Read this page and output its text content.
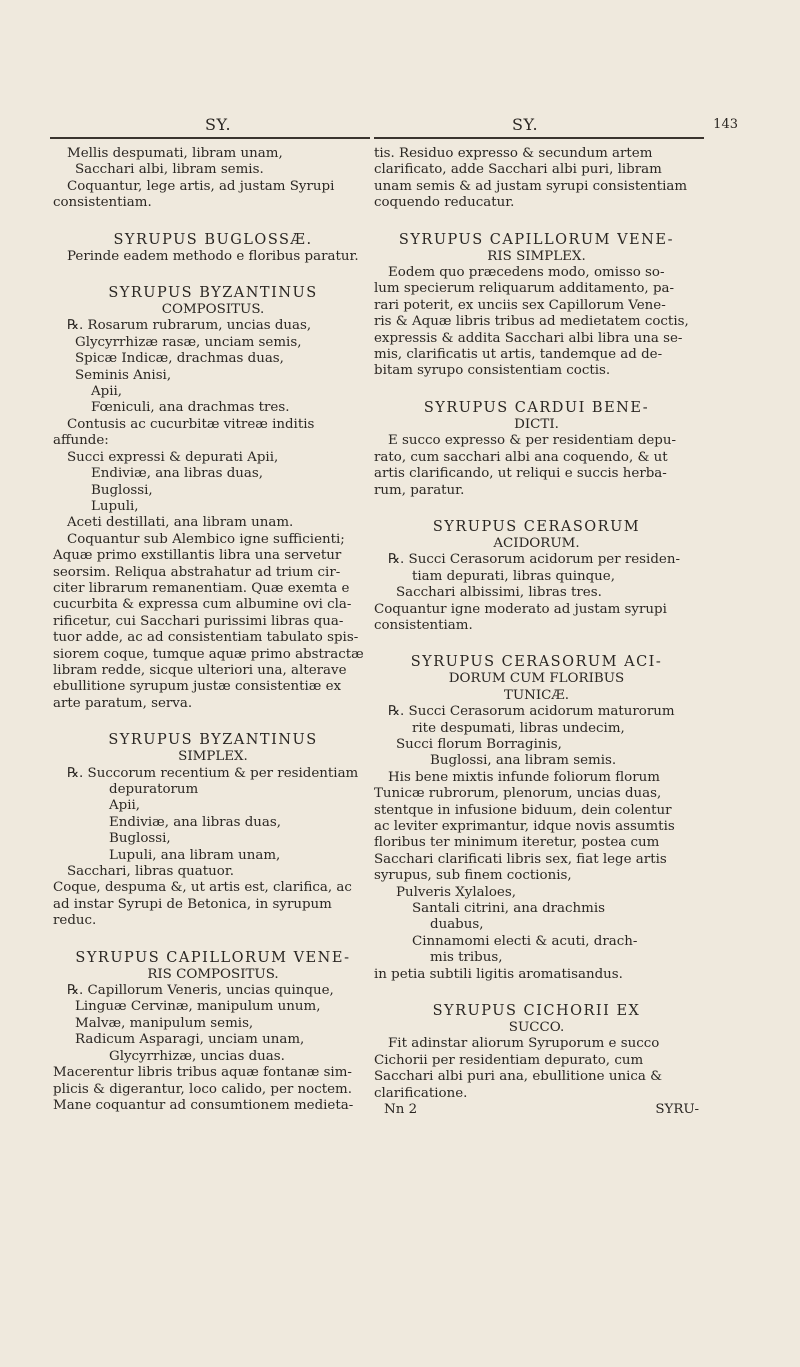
SY.	SY.	143

Mellis despumati, libram unam,

Sacchari albi, libram semis.

Coquantur, lege artis, ad justam Syrupi

consistentiam.

SYRUPUS BUGLOSSÆ.

Perinde eadem methodo e floribus paratur.

SYRUPUS BYZANTINUS

COMPOSITUS.

℞. Rosarum rubrarum, uncias duas,

Glycyrrhizæ rasæ, unciam semis,

Spicæ Indicæ, drachmas duas,

Seminis Anisi,

Apii,

Fœniculi, ana drachmas tres.

Contusis ac cucurbitæ vitreæ inditis

affunde:

Succi expressi & depurati Apii,

Endiviæ, ana libras duas,

Buglossi,

Lupuli,

Aceti destillati, ana libram unam.

Coquantur sub Alembico igne sufficienti;

Aquæ primo exstillantis libra una servetur

seorsim. Reliqua abstrahatur ad trium cir-

citer librarum remanentiam. Quæ exemta e

cucurbita & expressa cum albumine ovi cla-

rificetur, cui Sacchari purissimi libras qua-

tuor adde, ac ad consistentiam tabulato spis-

siorem coque, tumque aquæ primo abstractæ

libram redde, sicque ulteriori una, alterave

ebullitione syrupum justæ consistentiæ ex

arte paratum, serva.

SYRUPUS BYZANTINUS

SIMPLEX.

℞. Succorum recentium & per residentiam

depuratorum

Apii,

Endiviæ, ana libras duas,

Buglossi,

Lupuli, ana libram unam,

Sacchari, libras quatuor.

Coque, despuma &, ut artis est, clarifica, ac

ad instar Syrupi de Betonica, in syrupum

reduc.

SYRUPUS CAPILLORUM VENE-

RIS COMPOSITUS.

℞. Capillorum Veneris, uncias quinque,

Linguæ Cervinæ, manipulum unum,

Malvæ, manipulum semis,

Radicum Asparagi, unciam unam,

Glycyrrhizæ, uncias duas.

Macerentur libris tribus aquæ fontanæ sim-

plicis & digerantur, loco calido, per noctem.

Mane coquantur ad consumtionem medieta-

tis. Residuo expresso & secundum artem

clarificato, adde Sacchari albi puri, libram

unam semis & ad justam syrupi consistentiam

coquendo reducatur.

SYRUPUS CAPILLORUM VENE-

RIS SIMPLEX.

Eodem quo præcedens modo, omisso so-

lum specierum reliquarum additamento, pa-

rari poterit, ex unciis sex Capillorum Vene-

ris & Aquæ libris tribus ad medietatem coctis,

expressis & addita Sacchari albi libra una se-

mis, clarificatis ut artis, tandemque ad de-

bitam syrupo consistentiam coctis.

SYRUPUS CARDUI BENE-

DICTI.

E succo expresso & per residentiam depu-

rato, cum sacchari albi ana coquendo, & ut

artis clarificando, ut reliqui e succis herba-

rum, paratur.

SYRUPUS CERASORUM

ACIDORUM.

℞. Succi Cerasorum acidorum per residen-

tiam depurati, libras quinque,

Sacchari albissimi, libras tres.

Coquantur igne moderato ad justam syrupi

consistentiam.

SYRUPUS CERASORUM ACI-

DORUM CUM FLORIBUS

TUNICÆ.

℞. Succi Cerasorum acidorum maturorum

rite despumati, libras undecim,

Succi florum Borraginis,

Buglossi, ana libram semis.

His bene mixtis infunde foliorum florum

Tunicæ rubrorum, plenorum, uncias duas,

stentque in infusione biduum, dein colentur

ac leviter exprimantur, idque novis assumtis

floribus ter minimum iteretur, postea cum

Sacchari clarificati libris sex, fiat lege artis

syrupus, sub finem coctionis,

Pulveris Xylaloes,

Santali citrini, ana drachmis

duabus,

Cinnamomi electi & acuti, drach-

mis tribus,

in petia subtili ligitis aromatisandus.

SYRUPUS CICHORII EX

SUCCO.

Fit adinstar aliorum Syruporum e succo

Cichorii per residentiam depurato, cum

Sacchari albi puri ana, ebullitione unica &

clarificatione.

Nn 2	SYRU-
